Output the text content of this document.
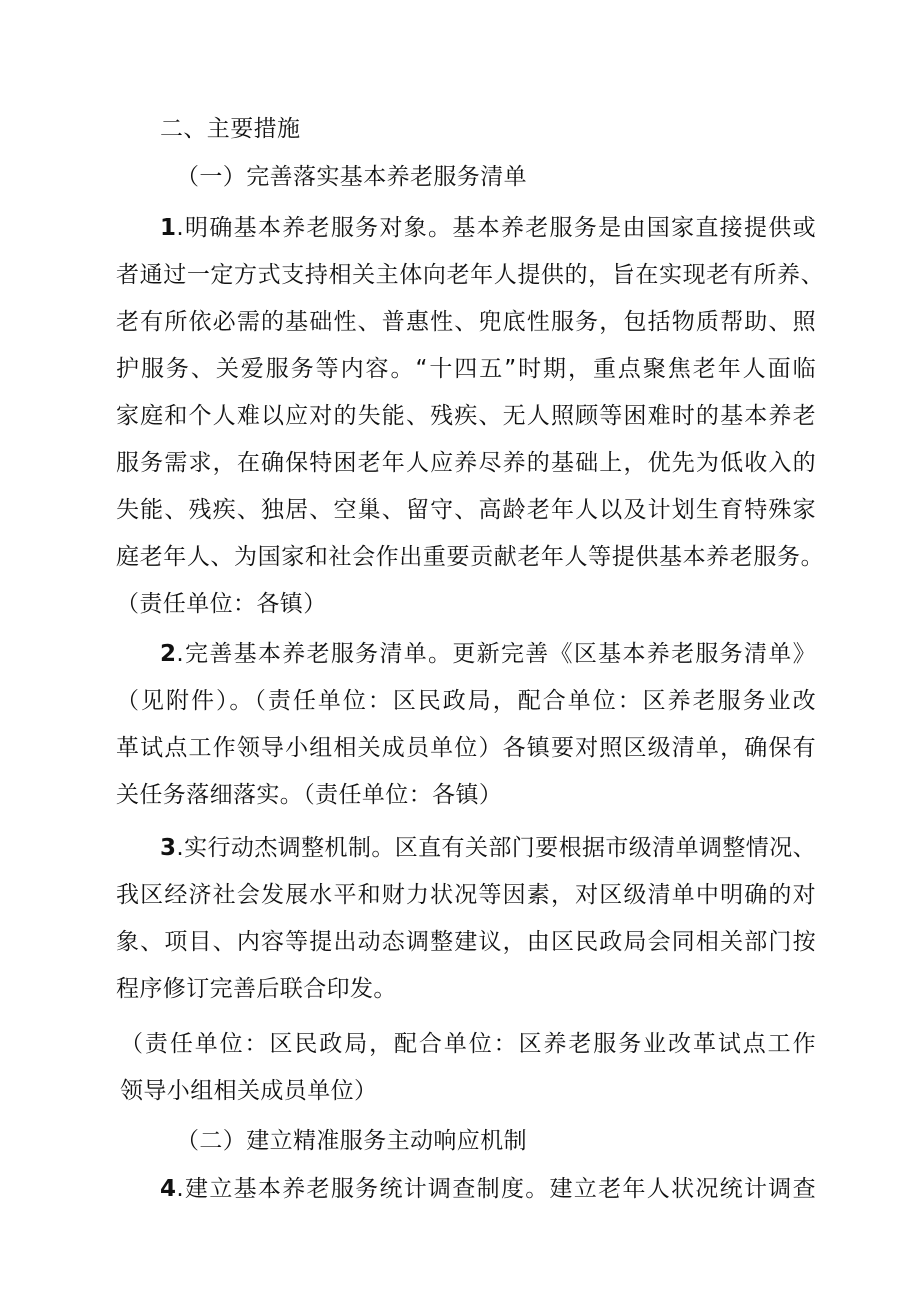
二、主要措施
（一）完善落实基本养老服务清单
1.明确基本养老服务对象。基本养老服务是由国家直接提供或
者通过一定方式支持相关主体向老年人提供的，旨在实现老有所养、
老有所依必需的基础性、普惠性、兜底性服务，包括物质帮助、照
护服务、关爱服务等内容。“十四五”时期，重点聚焦老年人面临
家庭和个人难以应对的失能、残疾、无人照顾等困难时的基本养老
服务需求，在确保特困老年人应养尽养的基础上，优先为低收入的
失能、残疾、独居、空巢、留守、高龄老年人以及计划生育特殊家
庭老年人、为国家和社会作出重要贡献老年人等提供基本养老服务。
（责任单位：各镇）
2.完善基本养老服务清单。更新完善《区基本养老服务清单》
（见附件）。（责任单位：区民政局，配合单位：区养老服务业改
革试点工作领导小组相关成员单位）各镇要对照区级清单，确保有
关任务落细落实。（责任单位：各镇）
3.实行动杰调整机制。区直有关部门要根据市级清单调整情况、
我区经济社会发展水平和财力状况等因素，对区级清单中明确的对
象、项目、内容等提出动态调整建议，由区民政局会同相关部门按
程序修订完善后联合印发。
（责任单位：区民政局，配合单位：区养老服务业改革试点工作
领导小组相关成员单位）
（二）建立精准服务主动响应机制
4.建立基本养老服务统计调查制度。建立老年人状况统计调查
